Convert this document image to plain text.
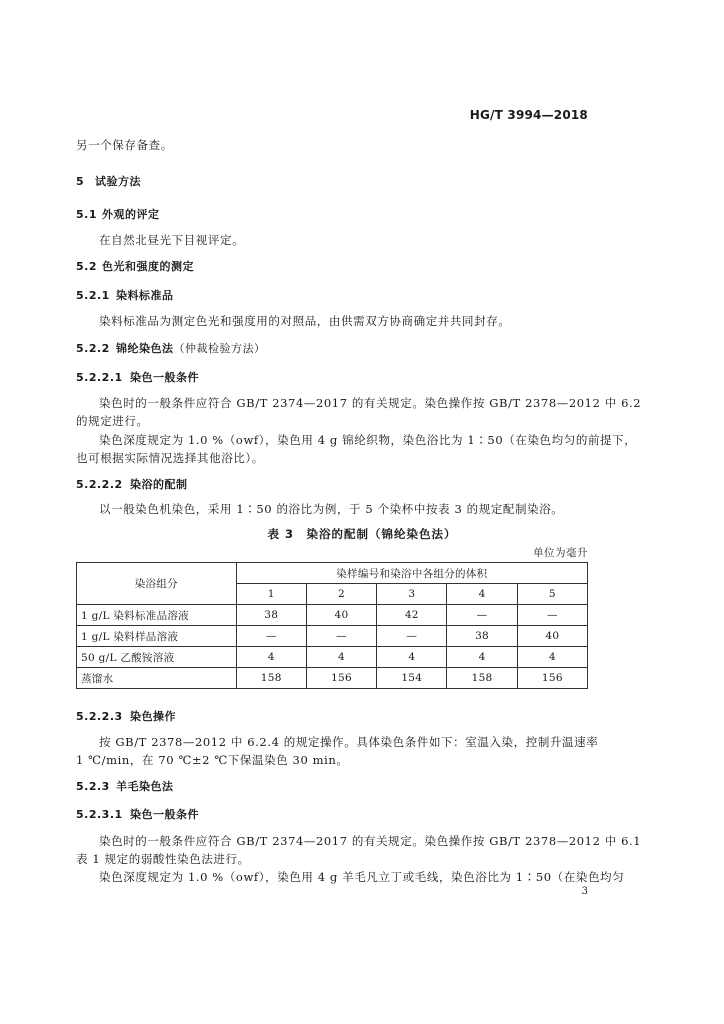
HG/T 3994—2018
另一个保存备查。
5 试验方法
5.1 外观的评定
在自然北昼光下目视评定。
5.2 色光和强度的测定
5.2.1 染料标准品
染料标准品为测定色光和强度用的对照品，由供需双方协商确定并共同封存。
5.2.2 锦纶染色法（仲裁检验方法）
5.2.2.1 染色一般条件
染色时的一般条件应符合 GB/T 2374—2017 的有关规定。染色操作按 GB/T 2378—2012 中 6.2
的规定进行。
染色深度规定为 1.0 %（owf），染色用 4 g 锦纶织物，染色浴比为 1∶50（在染色均匀的前提下，
也可根据实际情况选择其他浴比）。
5.2.2.2 染浴的配制
以一般染色机染色，采用 1∶50 的浴比为例，于 5 个染杯中按表 3 的规定配制染浴。
表 3　染浴的配制（锦纶染色法）
单位为毫升
染浴组分	染样编号和染浴中各组分的体积				
	1	2	3	4	5
1 g/L 染料标准品溶液	38	40	42	—	—
1 g/L 染料样品溶液	—	—	—	38	40
50 g/L 乙酸铵溶液	4	4	4	4	4
蒸馏水	158	156	154	158	156
5.2.2.3 染色操作
按 GB/T 2378—2012 中 6.2.4 的规定操作。具体染色条件如下：室温入染，控制升温速率
1 ℃/min，在 70 ℃±2 ℃下保温染色 30 min。
5.2.3 羊毛染色法
5.2.3.1 染色一般条件
染色时的一般条件应符合 GB/T 2374—2017 的有关规定。染色操作按 GB/T 2378—2012 中 6.1
表 1 规定的弱酸性染色法进行。
染色深度规定为 1.0 %（owf），染色用 4 g 羊毛凡立丁或毛线，染色浴比为 1∶50（在染色均匀
3
